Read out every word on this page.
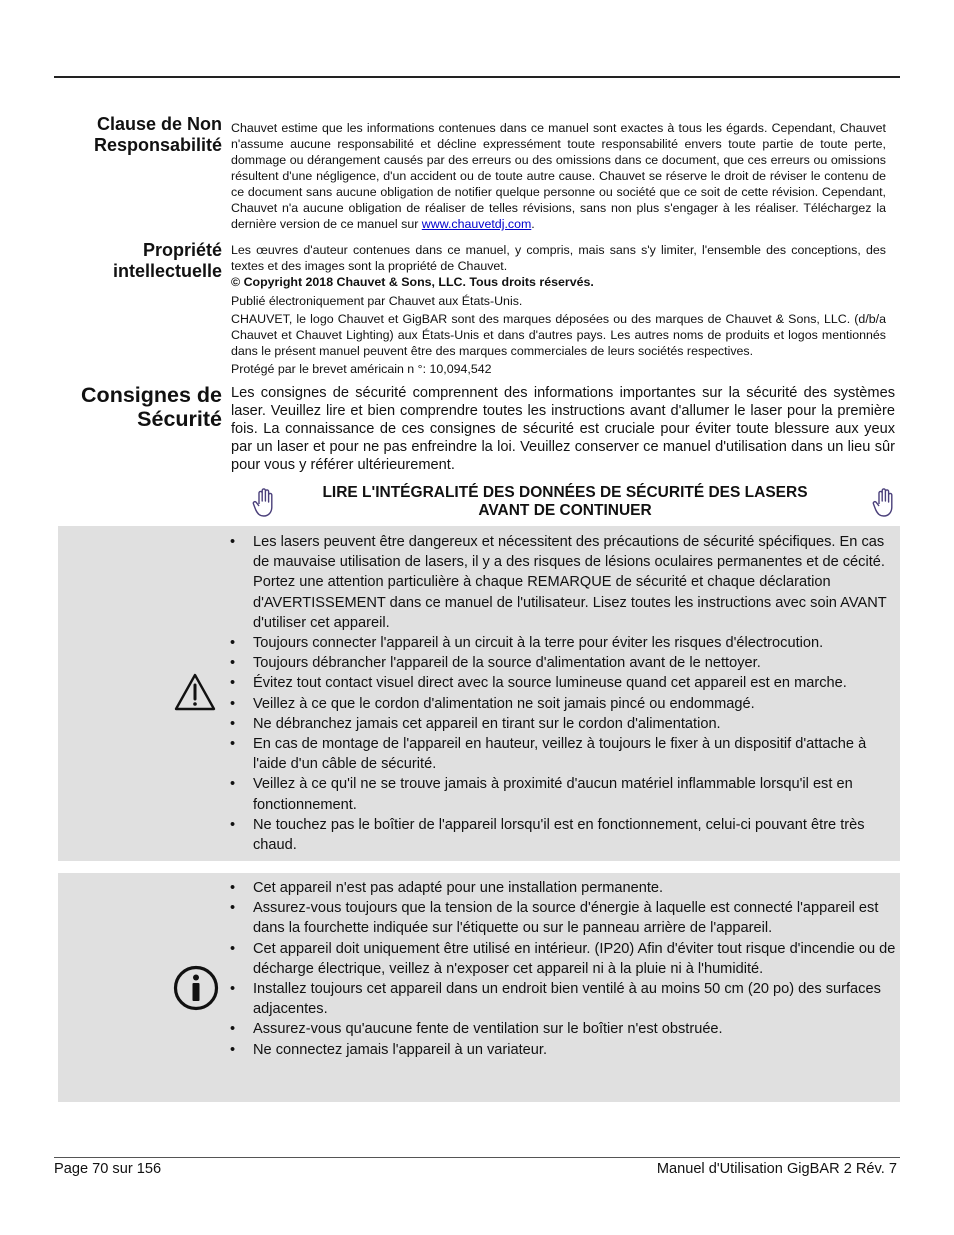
Clause de Non
Responsabilité
Chauvet estime que les informations contenues dans ce manuel sont exactes à tous les égards. Cependant, Chauvet n'assume aucune responsabilité et décline expressément toute responsabilité envers toute partie de toute perte, dommage ou dérangement causés par des erreurs ou des omissions dans ce document, que ces erreurs ou omissions résultent d'une négligence, d'un accident ou de toute autre cause. Chauvet se réserve le droit de réviser le contenu de ce document sans aucune obligation de notifier quelque personne ou société que ce soit de cette révision. Cependant, Chauvet n'a aucune obligation de réaliser de telles révisions, sans non plus s'engager à les réaliser. Téléchargez la dernière version de ce manuel sur www.chauvetdj.com.
Propriété
intellectuelle

Les œuvres d'auteur contenues dans ce manuel, y compris, mais sans s'y limiter, l'ensemble des conceptions, des textes et des images sont la propriété de Chauvet.

© Copyright 2018 Chauvet & Sons, LLC. Tous droits réservés.

Publié électroniquement par Chauvet aux États-Unis.

CHAUVET, le logo Chauvet et GigBAR sont des marques déposées ou des marques de Chauvet & Sons, LLC. (d/b/a Chauvet et Chauvet Lighting) aux États-Unis et dans d'autres pays. Les autres noms de produits et logos mentionnés dans le présent manuel peuvent être des marques commerciales de leurs sociétés respectives.

Protégé par le brevet américain n °: 10,094,542

Consignes de
Sécurité
Les consignes de sécurité comprennent des informations importantes sur la sécurité des systèmes laser. Veuillez lire et bien comprendre toutes les instructions avant d'allumer le laser pour la première fois. La connaissance de ces consignes de sécurité est cruciale pour éviter toute blessure aux yeux par un laser et pour ne pas enfreindre la loi. Veuillez conserver ce manuel d'utilisation dans un lieu sûr pour vous y référer ultérieurement.
LIRE L'INTÉGRALITÉ DES DONNÉES DE SÉCURITÉ DES LASERS
AVANT DE CONTINUER
• Les lasers peuvent être dangereux et nécessitent des précautions de sécurité spécifiques. En cas de mauvaise utilisation de lasers, il y a des risques de lésions oculaires permanentes et de cécité. Portez une attention particulière à chaque REMARQUE de sécurité et chaque déclaration d'AVERTISSEMENT dans ce manuel de l'utilisateur. Lisez toutes les instructions avec soin AVANT d'utiliser cet appareil.
• Toujours connecter l'appareil à un circuit à la terre pour éviter les risques d'électrocution.
• Toujours débrancher l'appareil de la source d'alimentation avant de le nettoyer.
• Évitez tout contact visuel direct avec la source lumineuse quand cet appareil est en marche.
• Veillez à ce que le cordon d'alimentation ne soit jamais pincé ou endommagé.
• Ne débranchez jamais cet appareil en tirant sur le cordon d'alimentation.
• En cas de montage de l'appareil en hauteur, veillez à toujours le fixer à un dispositif d'attache à l'aide d'un câble de sécurité.
• Veillez à ce qu'il ne se trouve jamais à proximité d'aucun matériel inflammable lorsqu'il est en fonctionnement.
• Ne touchez pas le boîtier de l'appareil lorsqu'il est en fonctionnement, celui-ci pouvant être très chaud.
• Cet appareil n'est pas adapté pour une installation permanente.
• Assurez-vous toujours que la tension de la source d'énergie à laquelle est connecté l'appareil est dans la fourchette indiquée sur l'étiquette ou sur le panneau arrière de l'appareil.
• Cet appareil doit uniquement être utilisé en intérieur. (IP20) Afin d'éviter tout risque d'incendie ou de décharge électrique, veillez à n'exposer cet appareil ni à la pluie ni à l'humidité.
• Installez toujours cet appareil dans un endroit bien ventilé à au moins 50 cm (20 po) des surfaces adjacentes.
• Assurez-vous qu'aucune fente de ventilation sur le boîtier n'est obstruée.
• Ne connectez jamais l'appareil à un variateur.
Page 70 sur 156	Manuel d'Utilisation GigBAR 2 Rév. 7
